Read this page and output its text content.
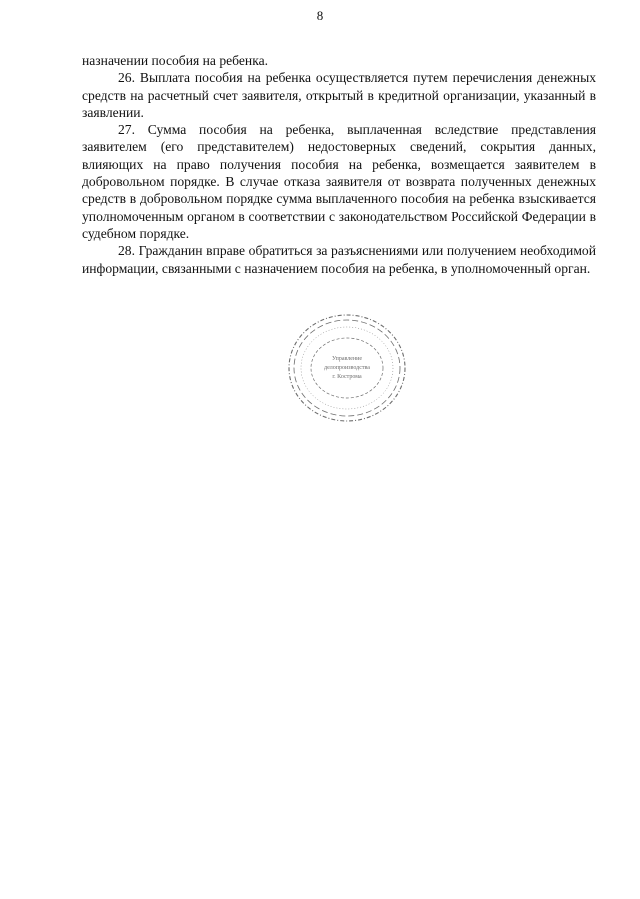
8

назначении пособия на ребенка.

26. Выплата пособия на ребенка осуществляется путем перечисления денежных средств на расчетный счет заявителя, открытый в кредитной организации, указанный в заявлении.

27. Сумма пособия на ребенка, выплаченная вследствие представления заявителем (его представителем) недостоверных сведений, сокрытия данных, влияющих на право получения пособия на ребенка, возмещается заявителем в добровольном порядке. В случае отказа заявителя от возврата полученных денежных средств в добровольном порядке сумма выплаченного пособия на ребенка взыскивается уполномоченным органом в соответствии с законодательством Российской Федерации в судебном порядке.

28. Гражданин вправе обратиться за разъяснениями или получением необходимой информации, связанными с назначением пособия на ребенка, в уполномоченный орган.

Управление
делопроизводства
г. Кострома
